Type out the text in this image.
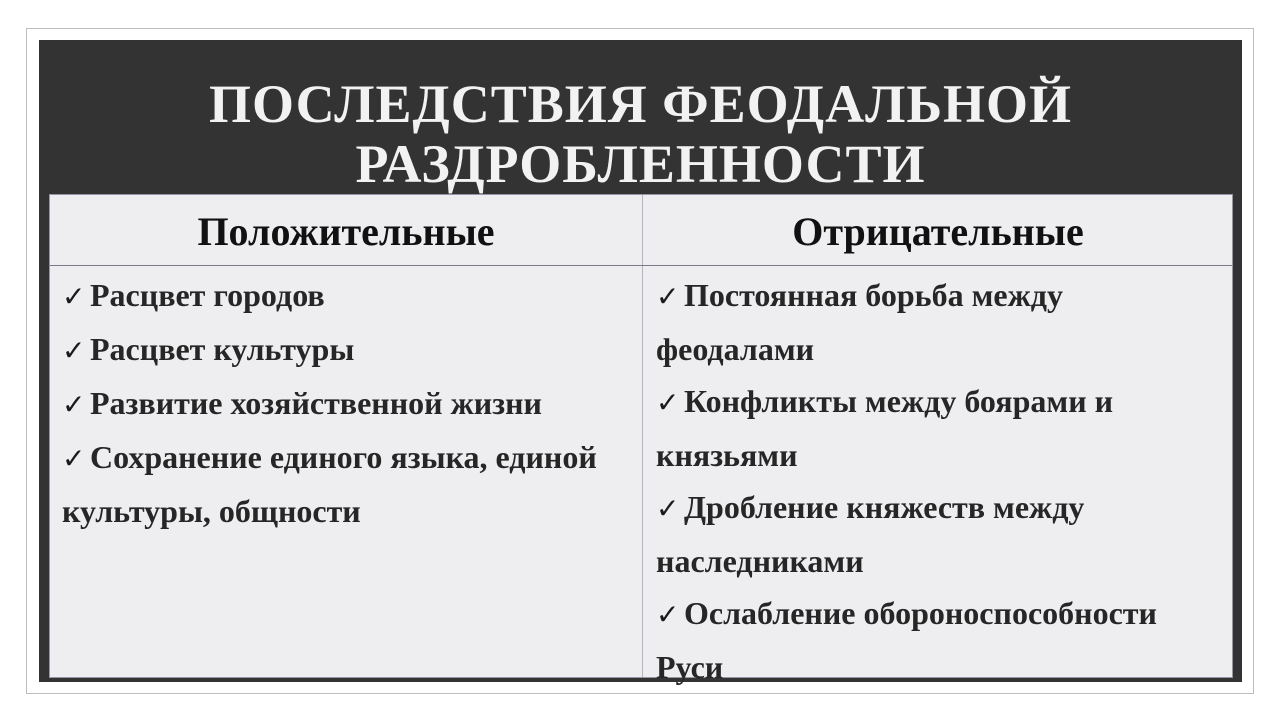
ПОСЛЕДСТВИЯ ФЕОДАЛЬНОЙ
РАЗДРОБЛЕННОСТИ
Положительные	Отрицательные
✓ Расцвет городов
✓ Расцвет культуры
✓ Развитие хозяйственной жизни
✓ Сохранение единого языка, единой культуры, общности
✓ Постоянная борьба между феодалами
✓ Конфликты между боярами и князьями
✓ Дробление княжеств между наследниками
✓ Ослабление обороноспособности Руси
